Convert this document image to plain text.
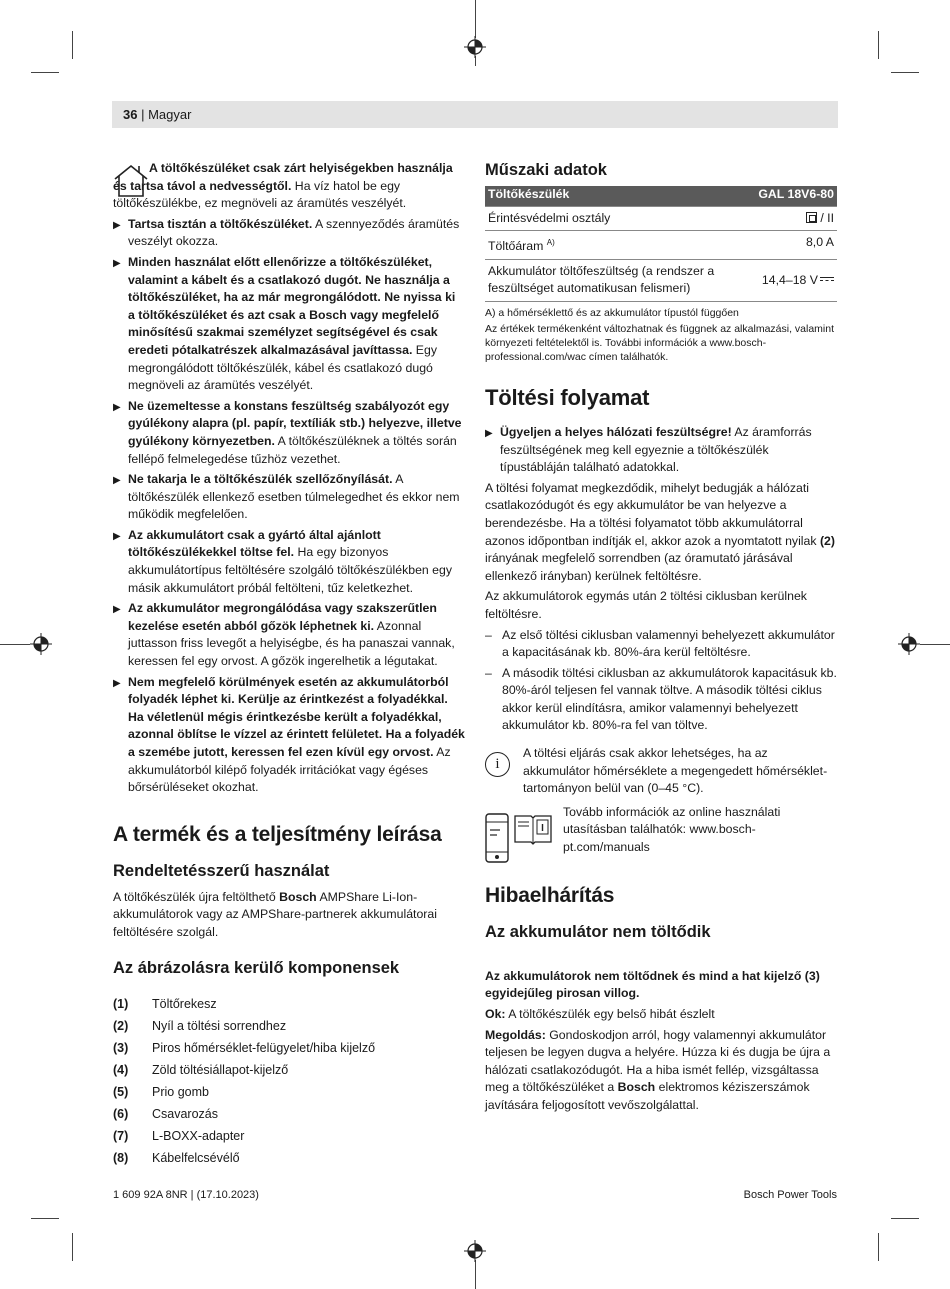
36 | Magyar
A töltőkészüléket csak zárt helyiségekben használja és tartsa távol a nedvességtől. Ha víz hatol be egy töltőkészülékbe, ez megnöveli az áramütés veszélyét.
▶ Tartsa tisztán a töltőkészüléket. A szennyeződés áramütés veszélyt okozza.
▶ Minden használat előtt ellenőrizze a töltőkészüléket, valamint a kábelt és a csatlakozó dugót. Ne használja a töltőkészüléket, ha az már megrongálódott. Ne nyissa ki a töltőkészüléket és azt csak a Bosch vagy megfelelő minősítésű szakmai személyzet segítségével és csak eredeti pótalkatrészek alkalmazásával javíttassa. Egy megrongálódott töltőkészülék, kábel és csatlakozó dugó megnöveli az áramütés veszélyét.
▶ Ne üzemeltesse a konstans feszültség szabályozót egy gyúlékony alapra (pl. papír, textíliák stb.) helyezve, illetve gyúlékony környezetben. A töltőkészüléknek a töltés során fellépő felmelegedése tűzhöz vezethet.
▶ Ne takarja le a töltőkészülék szellőzőnyílását. A töltőkészülék ellenkező esetben túlmelegedhet és ekkor nem működik megfelelően.
▶ Az akkumulátort csak a gyártó által ajánlott töltőkészülékekkel töltse fel. Ha egy bizonyos akkumulátortípus feltöltésére szolgáló töltőkészülékben egy másik akkumulátort próbál feltölteni, tűz keletkezhet.
▶ Az akkumulátor megrongálódása vagy szakszerűtlen kezelése esetén abból gőzök léphetnek ki. Azonnal juttasson friss levegőt a helyiségbe, és ha panaszai vannak, keressen fel egy orvost. A gőzök ingerelhetik a légutakat.
▶ Nem megfelelő körülmények esetén az akkumulátorból folyadék léphet ki. Kerülje az érintkezést a folyadékkal. Ha véletlenül mégis érintkezésbe került a folyadékkal, azonnal öblítse le vízzel az érintett felületet. Ha a folyadék a szemébe jutott, keressen fel ezen kívül egy orvost. Az akkumulátorból kilépő folyadék irritációkat vagy égéses bőrsérüléseket okozhat.
A termék és a teljesítmény leírása
Rendeltetésszerű használat
A töltőkészülék újra feltölthető Bosch AMPShare Li-Ion-akkumulátorok vagy az AMPShare-partnerek akkumulátorai feltöltésére szolgál.
Az ábrázolásra kerülő komponensek
(1)	Töltőrekesz
(2)	Nyíl a töltési sorrendhez
(3)	Piros hőmérséklet-felügyelet/hiba kijelző
(4)	Zöld töltésiállapot-kijelző
(5)	Prio gomb
(6)	Csavarozás
(7)	L-BOXX-adapter
(8)	Kábelfelcsévélő
Műszaki adatok
Töltőkészülék	GAL 18V6-80
Érintésvédelmi osztály	/ II
Töltőáram $^{A)}$	8,0 A
Akkumulátor töltőfeszültség (a rendszer a feszültséget automatikusan felismeri)	14,4–18 V
A) a hőmérséklettő és az akkumulátor típustól függően
Az értékek termékenként változhatnak és függnek az alkalmazási, valamint környezeti feltételektől is. További információk a www.bosch-professional.com/wac címen találhatók.
Töltési folyamat
▶ Ügyeljen a helyes hálózati feszültségre! Az áramforrás feszültségének meg kell egyeznie a töltőkészülék típustábláján található adatokkal.
A töltési folyamat megkezdődik, mihelyt bedugják a hálózati csatlakozódugót és egy akkumulátor be van helyezve a berendezésbe. Ha a töltési folyamatot több akkumulátorral azonos időpontban indítják el, akkor azok a nyomtatott nyilak (2) irányának megfelelő sorrendben (az óramutató járásával ellenkező irányban) kerülnek feltöltésre.
Az akkumulátorok egymás után 2 töltési ciklusban kerülnek feltöltésre.
– Az első töltési ciklusban valamennyi behelyezett akkumulátor a kapacitásának kb. 80%-ára kerül feltöltésre.
– A második töltési ciklusban az akkumulátorok kapacitásuk kb. 80%-áról teljesen fel vannak töltve. A második töltési ciklus akkor kerül elindításra, amikor valamennyi behelyezett akkumulátor kb. 80%-ra fel van töltve.
i
A töltési eljárás csak akkor lehetséges, ha az akkumulátor hőmérséklete a megengedett hőmérséklet-tartományon belül van (0–45 °C).
Tovább információk az online használati utasításban találhatók: www.bosch-pt.com/manuals
Hibaelhárítás
Az akkumulátor nem töltődik
Az akkumulátorok nem töltődnek és mind a hat kijelző (3) egyidejűleg pirosan villog.
Ok: A töltőkészülék egy belső hibát észlelt
Megoldás: Gondoskodjon arról, hogy valamennyi akkumulátor teljesen be legyen dugva a helyére. Húzza ki és dugja be újra a hálózati csatlakozódugót. Ha a hiba ismét fellép, vizsgáltassa meg a töltőkészüléket a Bosch elektromos kéziszerszámok javítására feljogosított vevőszolgálattal.
1 609 92A 8NR | (17.10.2023)	Bosch Power Tools
